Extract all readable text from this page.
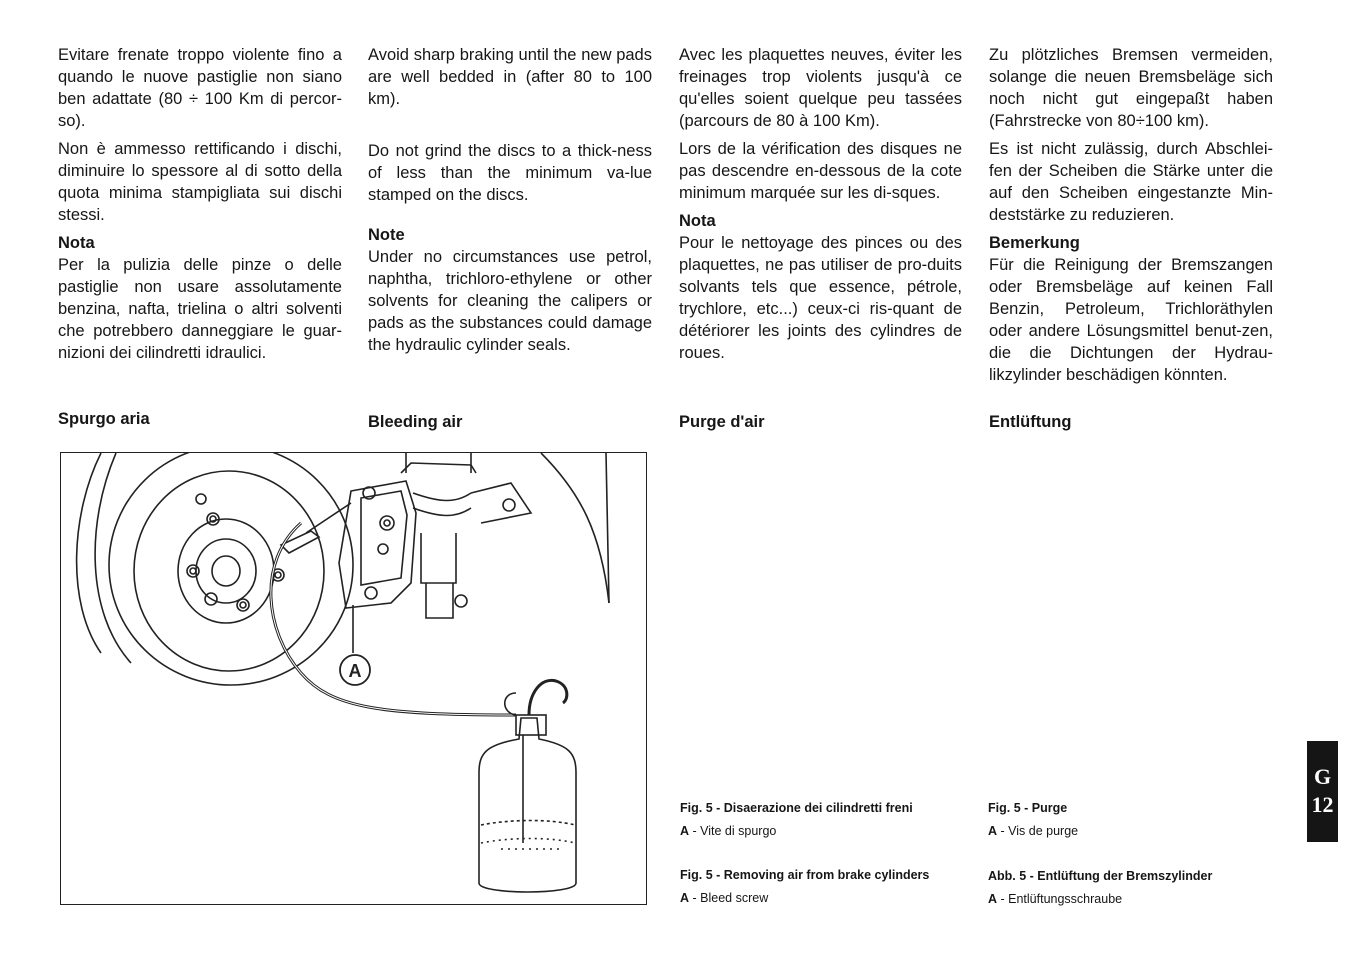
Evitare frenate troppo violente fino a quando le nuove pastiglie non siano ben adattate (80 ÷ 100 Km di percor-so).

Non è ammesso rettificando i dischi, diminuire lo spessore al di sotto della quota minima stampigliata sui dischi stessi.

Nota

Per la pulizia delle pinze o delle pastiglie non usare assolutamente benzina, nafta, trielina o altri solventi che potrebbero danneggiare le guar-nizioni dei cilindretti idraulici.

Avoid sharp braking until the new pads are well bedded in (after 80 to 100 km).

Do not grind the discs to a thick-ness of less than the minimum va-lue stamped on the discs.

Note

Under no circumstances use petrol, naphtha, trichloro-ethylene or other solvents for cleaning the calipers or pads as the substances could damage the hydraulic cylinder seals.

Avec les plaquettes neuves, éviter les freinages trop violents jusqu'à ce qu'elles soient quelque peu tassées (parcours de 80 à 100 Km).

Lors de la vérification des disques ne pas descendre en-dessous de la cote minimum marquée sur les di-sques.

Nota

Pour le nettoyage des pinces ou des plaquettes, ne pas utiliser de pro-duits solvants tels que essence, pétrole, trychlore, etc...) ceux-ci ris-quant de détériorer les joints des cylindres de roues.

Zu plötzliches Bremsen vermeiden, solange die neuen Bremsbeläge sich noch nicht gut eingepaßt haben (Fahrstrecke von 80÷100 km).

Es ist nicht zulässig, durch Abschlei-fen der Scheiben die Stärke unter die auf den Scheiben eingestanzte Min-deststärke zu reduzieren.

Bemerkung

Für die Reinigung der Bremszangen oder Bremsbeläge auf keinen Fall Benzin, Petroleum, Trichloräthylen oder andere Lösungsmittel benut-zen, die die Dichtungen der Hydrau-likzylinder beschädigen könnten.

Spurgo aria	Bleeding air	Purge d'air	Entlüftung
A
Fig. 5 - Disaerazione dei cilindretti freni
A - Vite di spurgo
Fig. 5 - Removing air from brake cylinders
A - Bleed screw
Fig. 5 - Purge
A - Vis de purge
Abb. 5 - Entlüftung der Bremszylinder
A - Entlüftungsschraube
G
12
